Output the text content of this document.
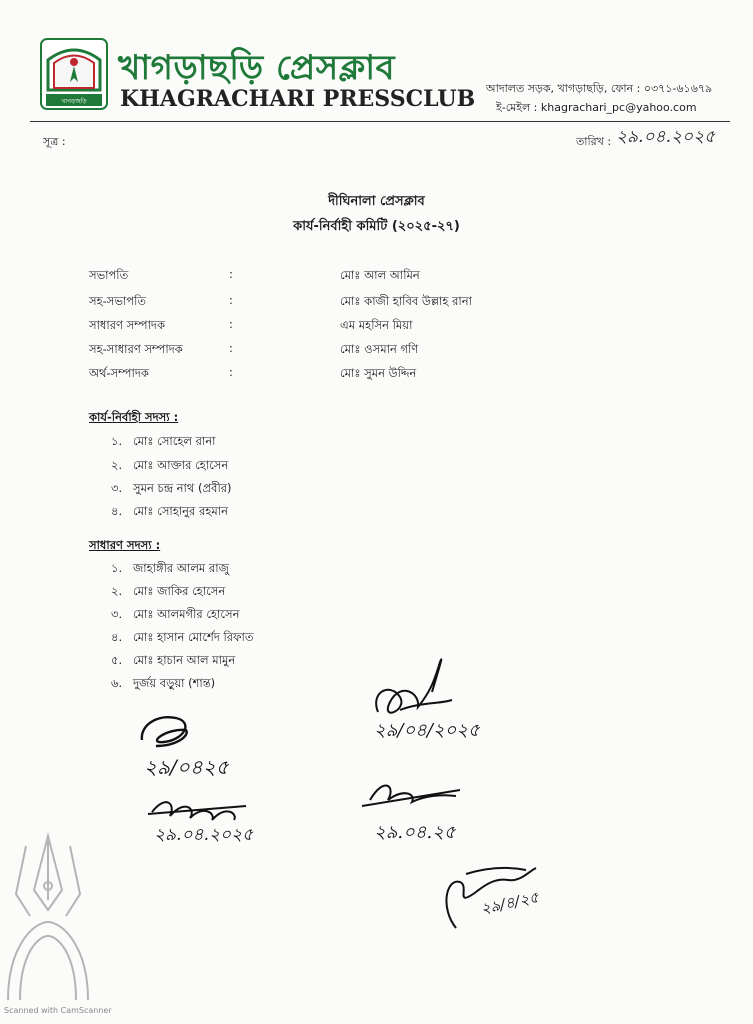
খাগড়াছড়ি
খাগড়াছড়ি প্রেসক্লাব
KHAGRACHARI PRESSCLUB আদালত সড়ক, খাগড়াছড়ি, ফোন : ০৩৭১-৬১৬৭৯
ই-মেইল : khagrachari_pc@yahoo.com
সূত্র :	তারিখ : ২৯.০৪.২০২৫
দীঘিনালা প্রেসক্লাব
কার্য-নির্বাহী কমিটি (২০২৫-২৭)
সভাপতি	:	মোঃ আল আমিন
সহ-সভাপতি	:	মোঃ কাজী হাবিব উল্লাহ রানা
সাধারণ সম্পাদক	:	এম মহসিন মিয়া
সহ-সাধারণ সম্পাদক	:	মোঃ ওসমান গণি
অর্থ-সম্পাদক	:	মোঃ সুমন উদ্দিন
কার্য-নির্বাহী সদস্য :
১. মোঃ সোহেল রানা
২. মোঃ আক্তার হোসেন
৩. সুমন চন্দ্র নাথ (প্রবীর)
৪. মোঃ সোহানুর রহমান
সাধারণ সদস্য :
১. জাহাঙ্গীর আলম রাজু
২. মোঃ জাকির হোসেন
৩. মোঃ আলমগীর হোসেন
৪. মোঃ হাসান মোর্শেদ রিফাত
৫. মোঃ হাচান আল মামুন
৬. দুর্জয় বড়ুয়া (শান্ত)
২৯/০৪/২০২৫
২৯/০৪২৫
২৯.০৪.২০২৫	২৯.০৪.২৫
২৯/৪/২৫
Scanned with CamScanner
